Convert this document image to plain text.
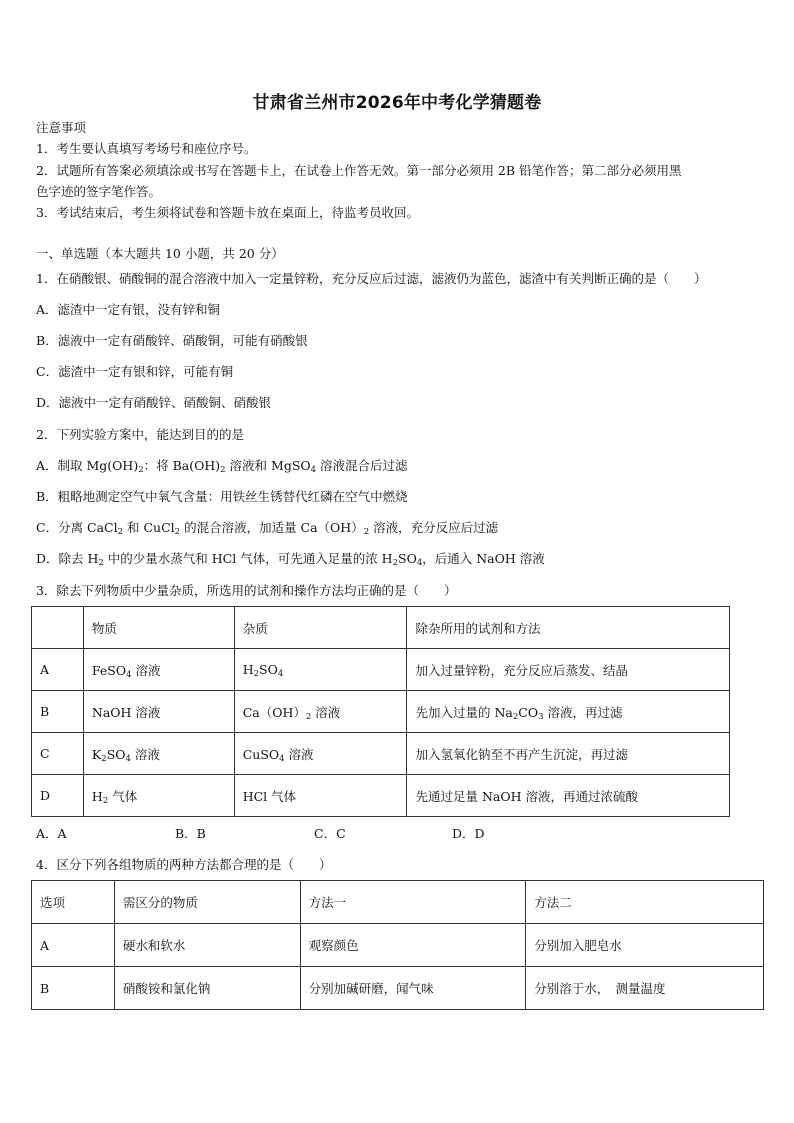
甘肃省兰州市2026年中考化学猜题卷
注意事项
1．考生要认真填写考场号和座位序号。
2．试题所有答案必须填涂或书写在答题卡上，在试卷上作答无效。第一部分必须用 2B 铅笔作答；第二部分必须用黑
色字迹的签字笔作答。
3．考试结束后，考生须将试卷和答题卡放在桌面上，待监考员收回。
一、单选题（本大题共 10 小题，共 20 分）
1．在硝酸银、硝酸铜的混合溶液中加入一定量锌粉，充分反应后过滤，滤液仍为蓝色，滤渣中有关判断正确的是（　　）
A．滤渣中一定有银，没有锌和铜
B．滤液中一定有硝酸锌、硝酸铜，可能有硝酸银
C．滤渣中一定有银和锌，可能有铜
D．滤液中一定有硝酸锌、硝酸铜、硝酸银
2．下列实验方案中，能达到目的的是
A．制取 $Mg(OH)_2$：将 $Ba(OH)_2$ 溶液和 MgSO$_4$ 溶液混合后过滤
B．粗略地测定空气中氧气含量：用铁丝生锈替代红磷在空气中燃烧
C．分离 CaCl$_2$ 和 CuCl$_2$ 的混合溶液，加适量 $Ca(OH)_2$ 溶液，充分反应后过滤
D．除去 $H_2$ 中的少量水蒸气和 HCl 气体，可先通入足量的浓 $H_2SO_4$，后通入 NaOH 溶液
3．除去下列物质中少量杂质，所选用的试剂和操作方法均正确的是（　　）
	物质	杂质	除杂所用的试剂和方法
A	FeSO$_4$ 溶液	$H_2SO_4$	加入过量锌粉，充分反应后蒸发、结晶
B	NaOH 溶液	$Ca(OH)_2$ 溶液	先加入过量的 $Na_2CO_3$ 溶液，再过滤
C	$K_2SO_4$ 溶液	CuSO$_4$ 溶液	加入氢氧化钠至不再产生沉淀，再过滤
D	$H_2$ 气体	HCl 气体	先通过足量 NaOH 溶液，再通过浓硫酸
A．A	B．B	C．C	D．D
4．区分下列各组物质的两种方法都合理的是（　　）
选项	需区分的物质	方法一	方法二
A	硬水和软水	观察颜色	分别加入肥皂水
B	硝酸铵和氯化钠	分别加碱研磨，闻气味	分别溶于水，　测量温度
